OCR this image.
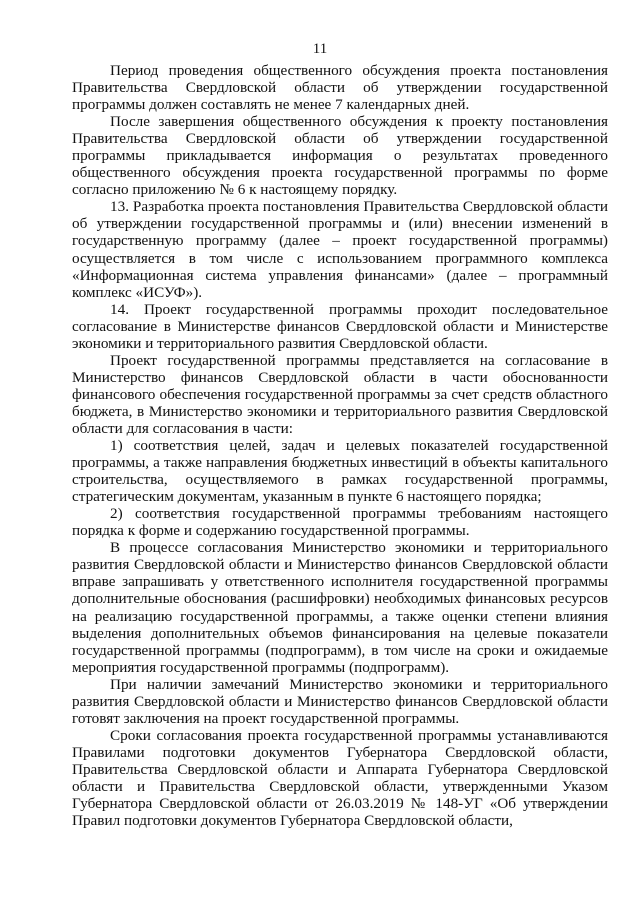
11

Период проведения общественного обсуждения проекта постановления Правительства Свердловской области об утверждении государственной программы должен составлять не менее 7 календарных дней.

После завершения общественного обсуждения к проекту постановления Правительства Свердловской области об утверждении государственной программы прикладывается информация о результатах проведенного общественного обсуждения проекта государственной программы по форме согласно приложению № 6 к настоящему порядку.

13. Разработка проекта постановления Правительства Свердловской области об утверждении государственной программы и (или) внесении изменений в государственную программу (далее – проект государственной программы) осуществляется в том числе с использованием программного комплекса «Информационная система управления финансами» (далее – программный комплекс «ИСУФ»).

14. Проект государственной программы проходит последовательное согласование в Министерстве финансов Свердловской области и Министерстве экономики и территориального развития Свердловской области.

Проект государственной программы представляется на согласование в Министерство финансов Свердловской области в части обоснованности финансового обеспечения государственной программы за счет средств областного бюджета, в Министерство экономики и территориального развития Свердловской области для согласования в части:

1) соответствия целей, задач и целевых показателей государственной программы, а также направления бюджетных инвестиций в объекты капитального строительства, осуществляемого в рамках государственной программы, стратегическим документам, указанным в пункте 6 настоящего порядка;

2) соответствия государственной программы требованиям настоящего порядка к форме и содержанию государственной программы.

В процессе согласования Министерство экономики и территориального развития Свердловской области и Министерство финансов Свердловской области вправе запрашивать у ответственного исполнителя государственной программы дополнительные обоснования (расшифровки) необходимых финансовых ресурсов на реализацию государственной программы, а также оценки степени влияния выделения дополнительных объемов финансирования на целевые показатели государственной программы (подпрограмм), в том числе на сроки и ожидаемые мероприятия государственной программы (подпрограмм).

При наличии замечаний Министерство экономики и территориального развития Свердловской области и Министерство финансов Свердловской области готовят заключения на проект государственной программы.

Сроки согласования проекта государственной программы устанавливаются Правилами подготовки документов Губернатора Свердловской области, Правительства Свердловской области и Аппарата Губернатора Свердловской области и Правительства Свердловской области, утвержденными Указом Губернатора Свердловской области от 26.03.2019 № 148-УГ «Об утверждении Правил подготовки документов Губернатора Свердловской области,
